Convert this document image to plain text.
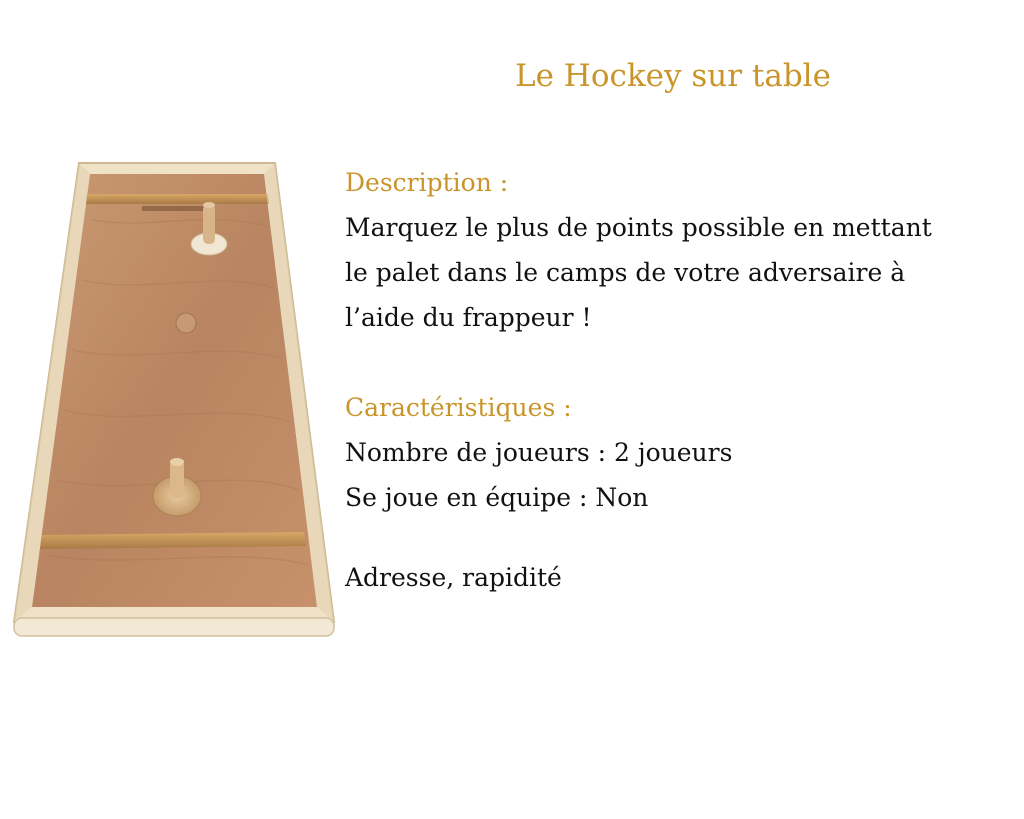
Le Hockey sur table
Description :
Marquez le plus de points possible en mettant
le palet dans le camps de votre adversaire à
l’aide du frappeur !
Caractéristiques :
Nombre de joueurs : 2 joueurs
Se joue en équipe : Non
Adresse, rapidité
